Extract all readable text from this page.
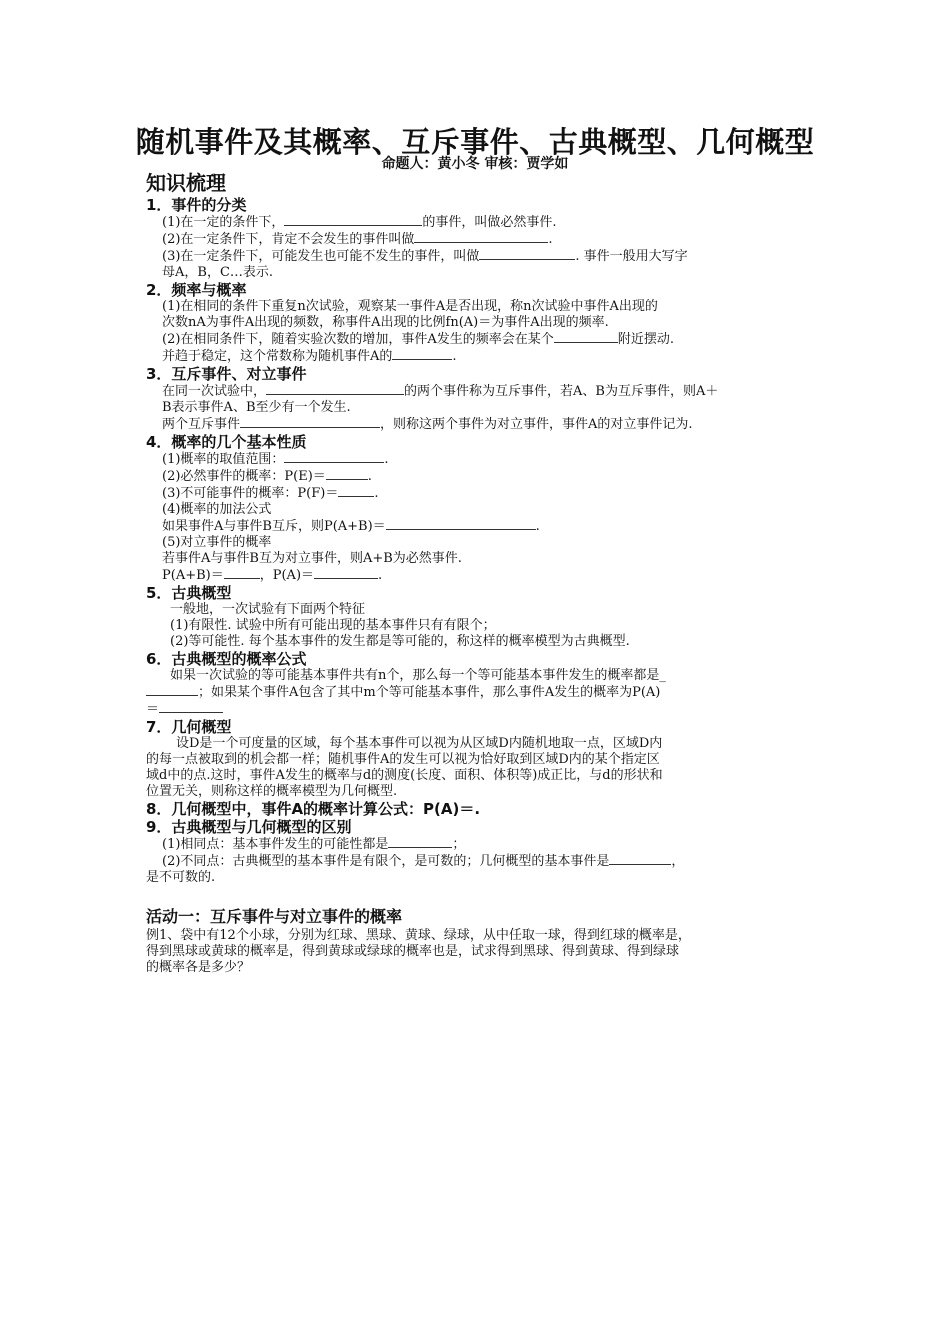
随机事件及其概率、互斥事件、古典概型、几何概型
命题人：黄小冬 审核：贾学如
知识梳理
1．事件的分类

(1)在一定的条件下，	的事件，叫做必然事件.

(2)在一定条件下，肯定不会发生的事件叫做	.

(3)在一定条件下，可能发生也可能不发生的事件，叫做	. 事件一般用大写字

母A，B，C…表示.

2．频率与概率

(1)在相同的条件下重复n次试验，观察某一事件A是否出现，称n次试验中事件A出现的

次数nA为事件A出现的频数，称事件A出现的比例fn(A)＝为事件A出现的频率.

(2)在相同条件下，随着实验次数的增加，事件A发生的频率会在某个	附近摆动.

并趋于稳定，这个常数称为随机事件A的	.

3．互斥事件、对立事件

在同一次试验中，	的两个事件称为互斥事件，若A、B为互斥事件，则A＋

B表示事件A、B至少有一个发生.

两个互斥事件	，则称这两个事件为对立事件，事件A的对立事件记为.

4．概率的几个基本性质

(1)概率的取值范围：	.

(2)必然事件的概率：P(E)＝	.

(3)不可能事件的概率：P(F)＝	.

(4)概率的加法公式

如果事件A与事件B互斥，则P(A+B)＝	.

(5)对立事件的概率

若事件A与事件B互为对立事件，则A+B为必然事件.

P(A+B)＝	，P(A)＝	.

5．古典概型

一般地，一次试验有下面两个特征

(1)有限性. 试验中所有可能出现的基本事件只有有限个；

(2)等可能性. 每个基本事件的发生都是等可能的，称这样的概率模型为古典概型.

6．古典概型的概率公式

如果一次试验的等可能基本事件共有n个，那么每一个等可能基本事件发生的概率都是_

；如果某个事件A包含了其中m个等可能基本事件，那么事件A发生的概率为P(A)

＝

7．几何概型

设D是一个可度量的区域，每个基本事件可以视为从区域D内随机地取一点，区域D内

的每一点被取到的机会都一样；随机事件A的发生可以视为恰好取到区域D内的某个指定区

域d中的点.这时，事件A发生的概率与d的测度(长度、面积、体积等)成正比，与d的形状和

位置无关，则称这样的概率模型为几何概型.

8．几何概型中，事件A的概率计算公式：P(A)＝.
9．古典概型与几何概型的区别

(1)相同点：基本事件发生的可能性都是	；

(2)不同点：古典概型的基本事件是有限个，是可数的；几何概型的基本事件是	，

是不可数的.

活动一：互斥事件与对立事件的概率

例1、袋中有12个小球，分别为红球、黑球、黄球、绿球，从中任取一球，得到红球的概率是，

得到黑球或黄球的概率是，得到黄球或绿球的概率也是，试求得到黑球、得到黄球、得到绿球

的概率各是多少？
